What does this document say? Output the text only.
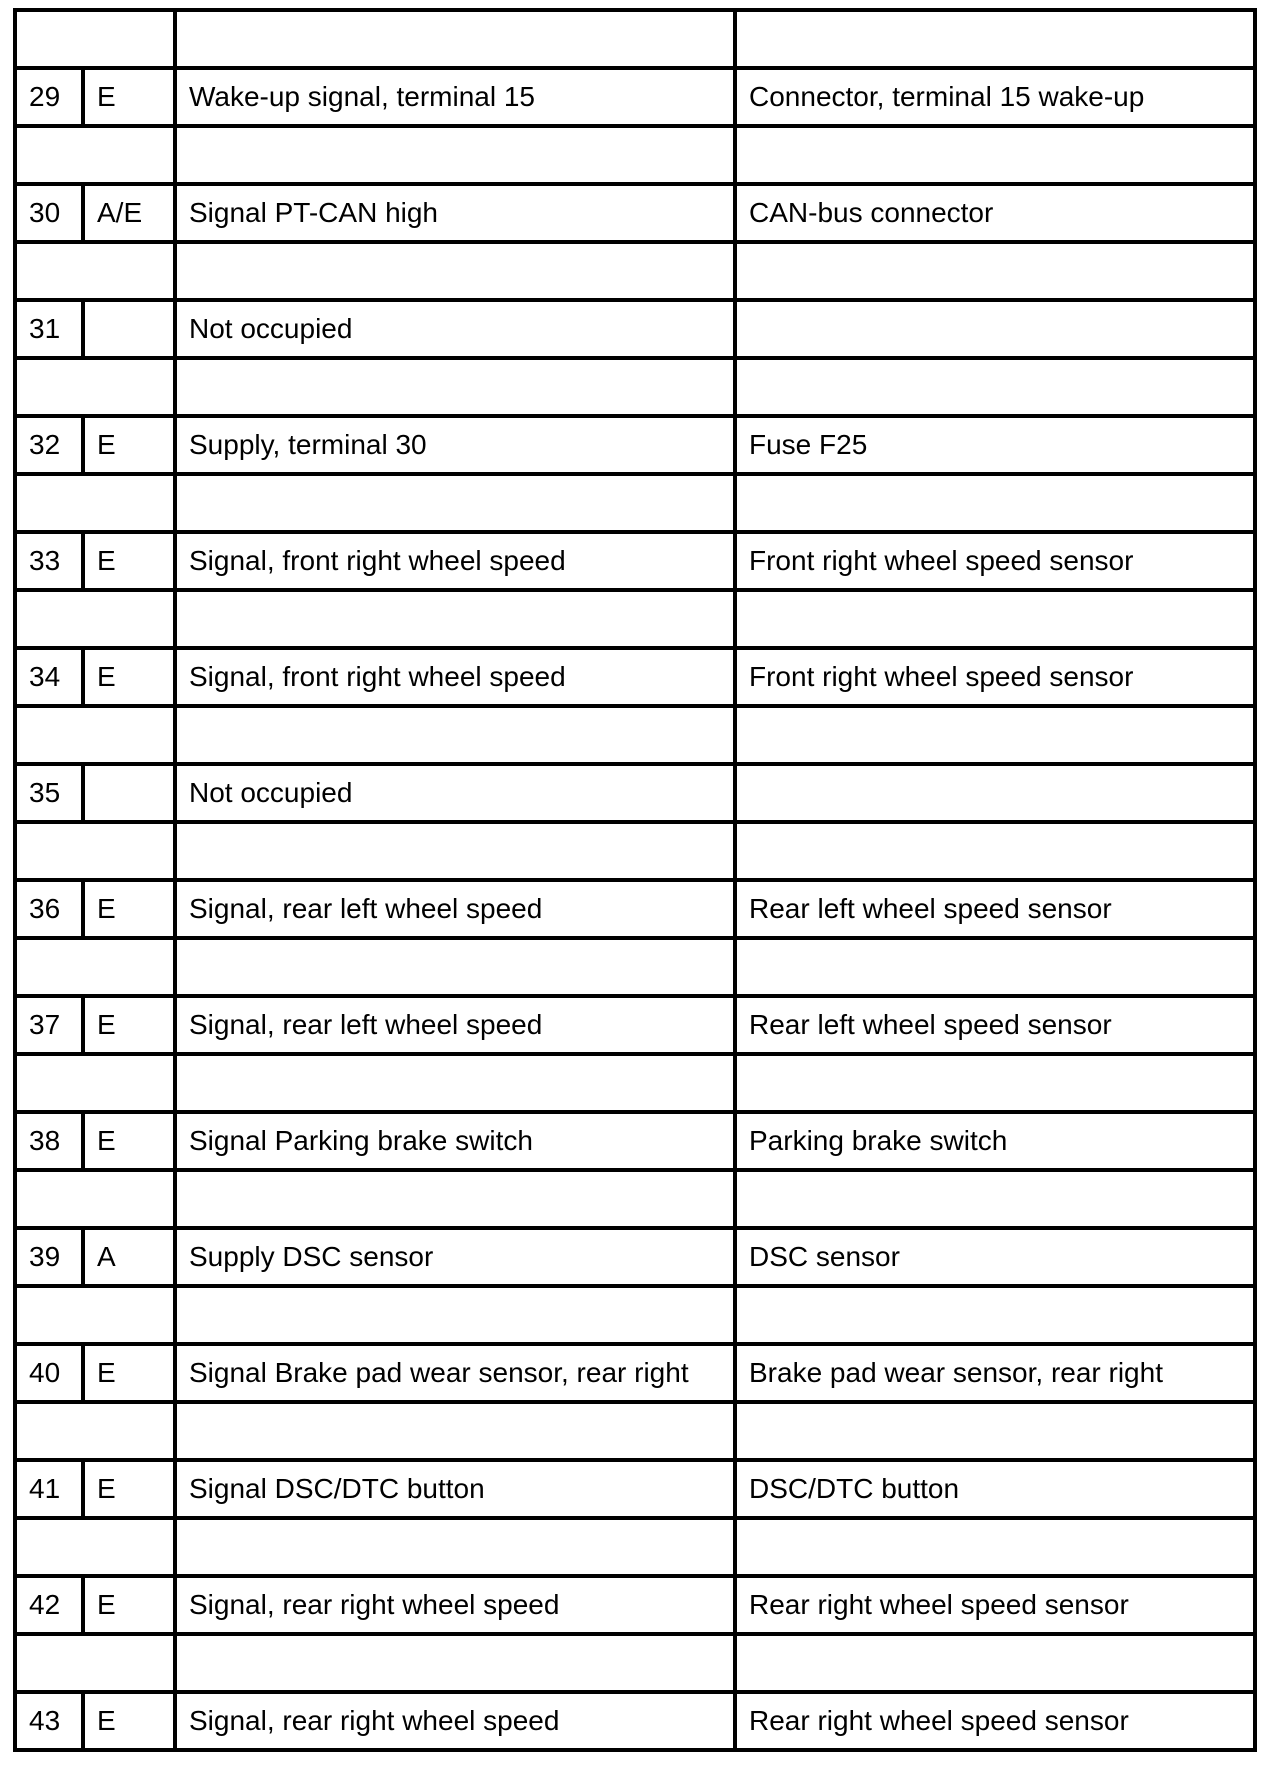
29	E	Wake-up signal, terminal 15	Connector, terminal 15 wake-up

30	A/E	Signal PT-CAN high	CAN-bus connector

31		Not occupied	

32	E	Supply, terminal 30	Fuse F25

33	E	Signal, front right wheel speed	Front right wheel speed sensor

34	E	Signal, front right wheel speed	Front right wheel speed sensor

35		Not occupied	

36	E	Signal, rear left wheel speed	Rear left wheel speed sensor

37	E	Signal, rear left wheel speed	Rear left wheel speed sensor

38	E	Signal Parking brake switch	Parking brake switch

39	A	Supply DSC sensor	DSC sensor

40	E	Signal Brake pad wear sensor, rear right	Brake pad wear sensor, rear right

41	E	Signal DSC/DTC button	DSC/DTC button

42	E	Signal, rear right wheel speed	Rear right wheel speed sensor

43	E	Signal, rear right wheel speed	Rear right wheel speed sensor
